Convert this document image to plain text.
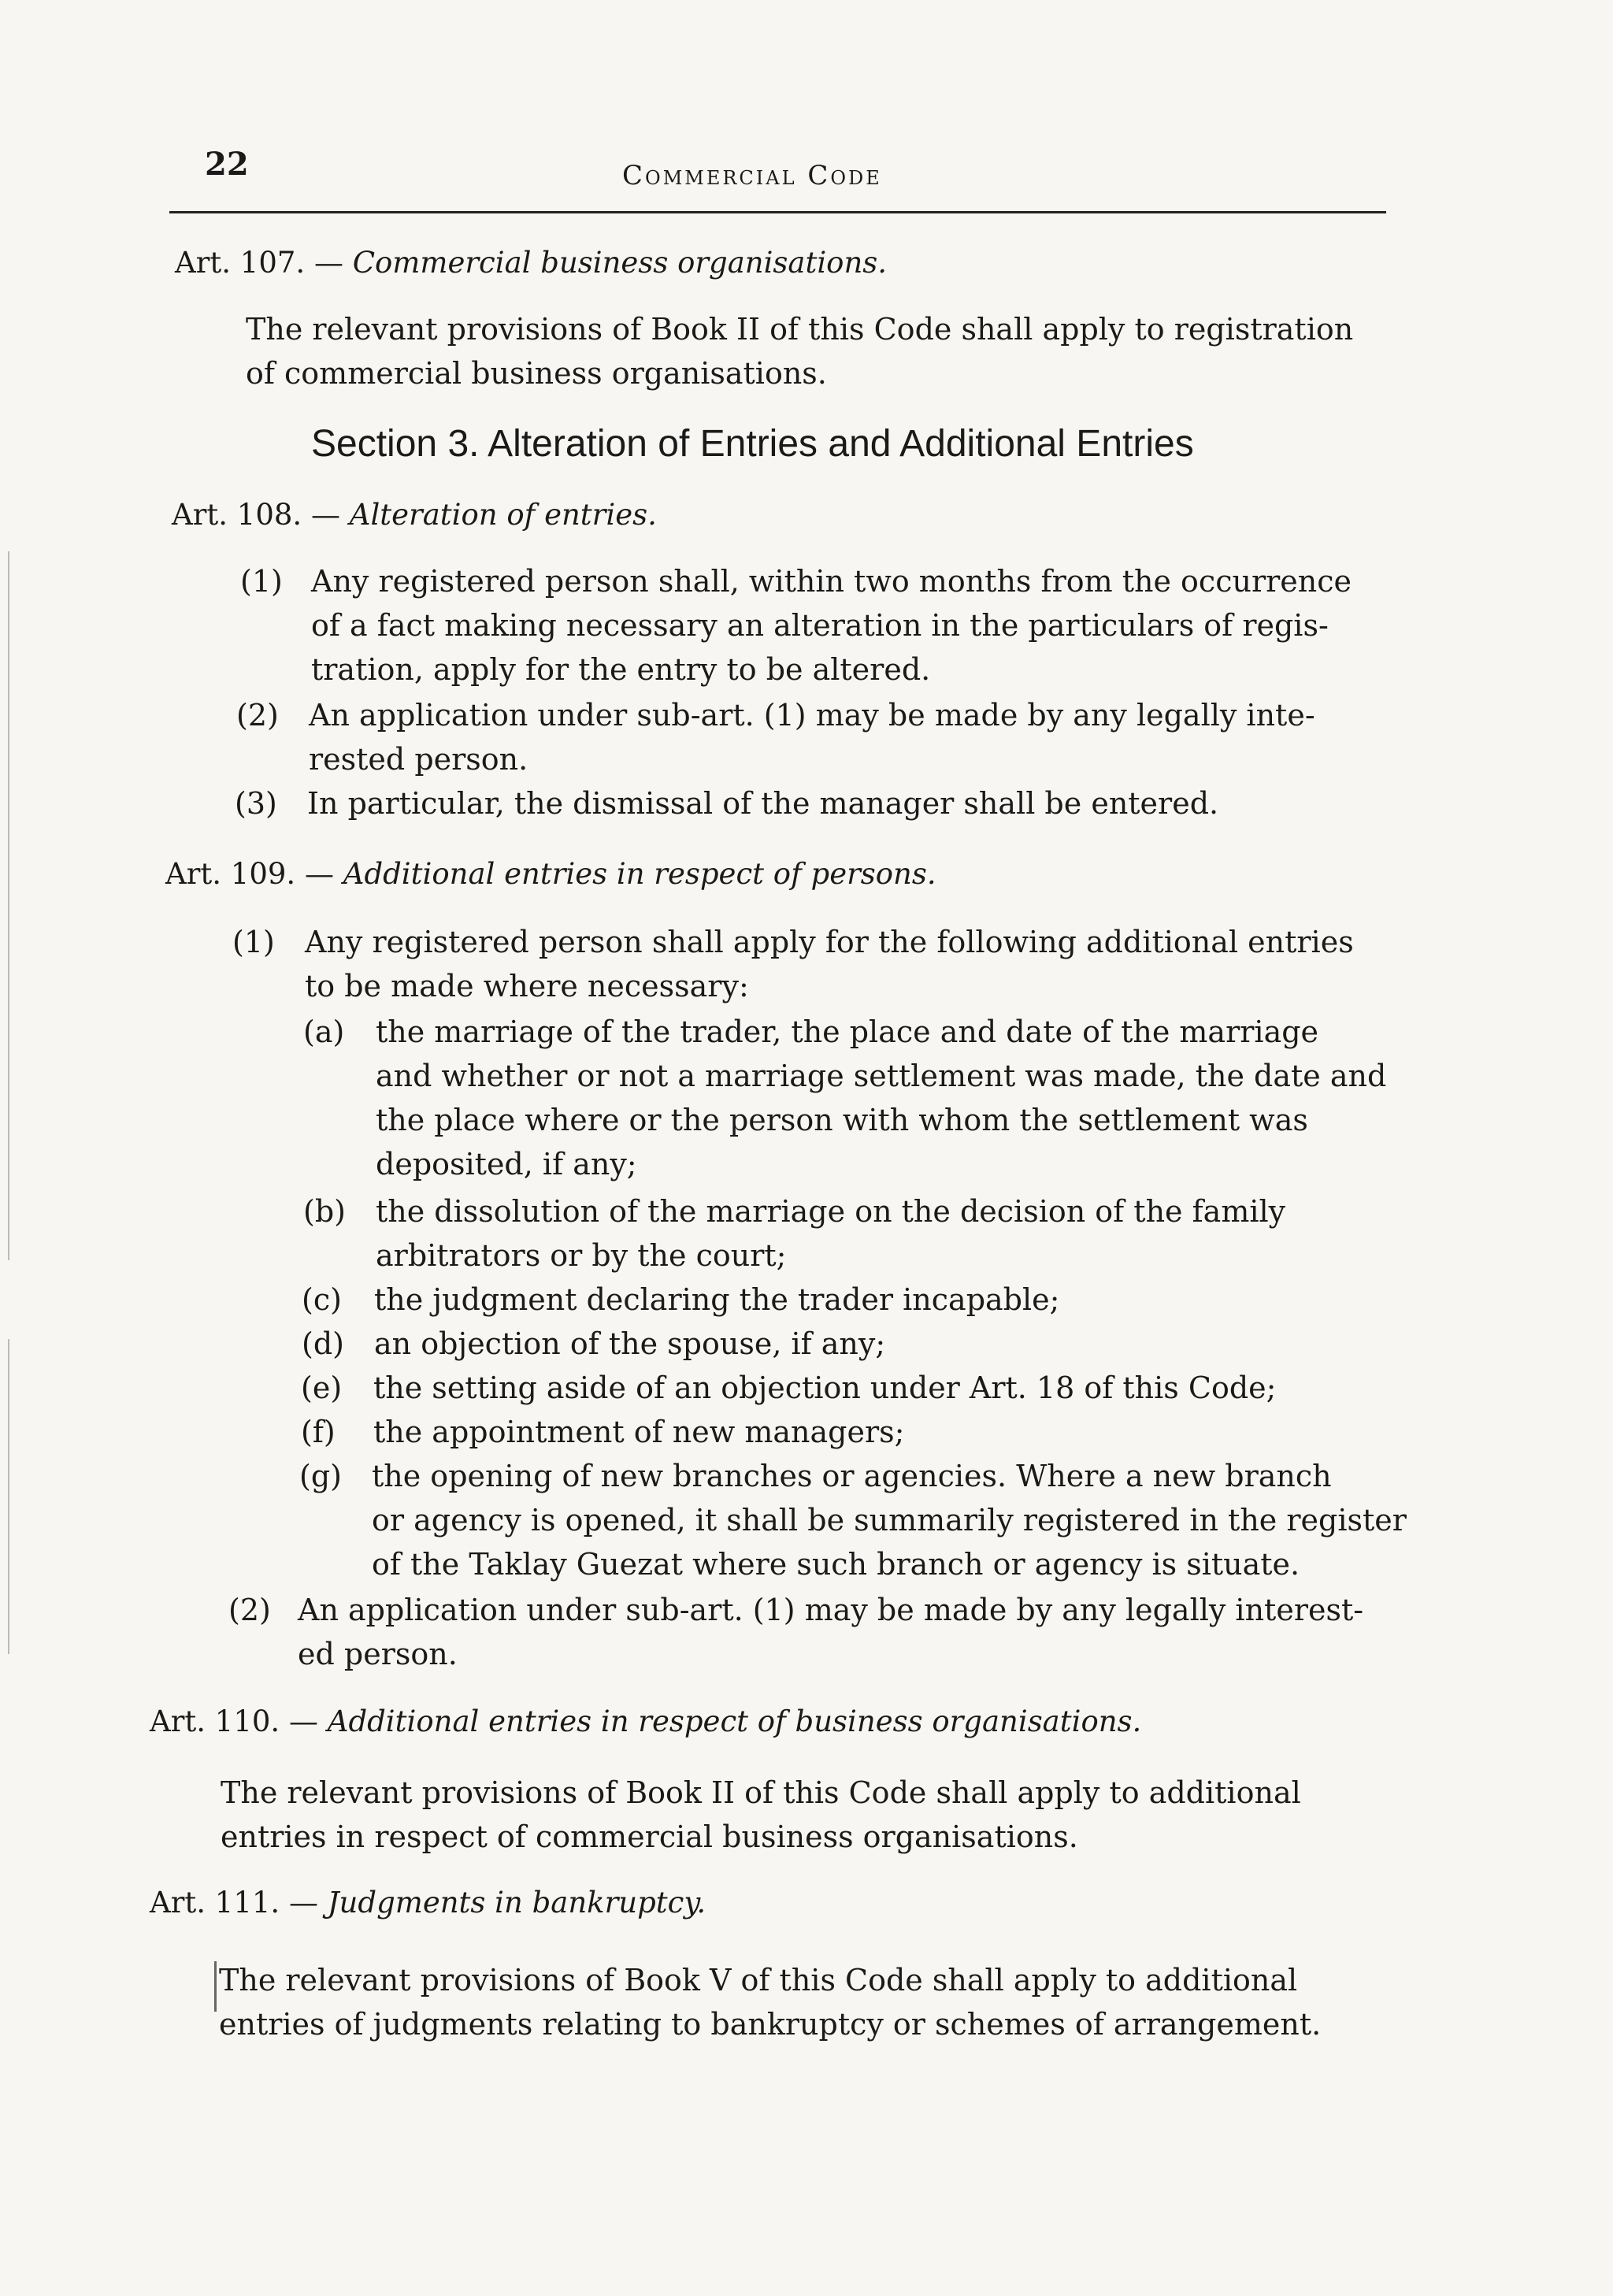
22	Commercial Code
Art. 107. — Commercial business organisations.
The relevant provisions of Book II of this Code shall apply to registration
of commercial business organisations.
Section 3. Alteration of Entries and Additional Entries
Art. 108. — Alteration of entries.
(1) Any registered person shall, within two months from the occurrence
of a fact making necessary an alteration in the particulars of regis-
tration, apply for the entry to be altered.
(2) An application under sub-art. (1) may be made by any legally inte-
rested person.
(3) In particular, the dismissal of the manager shall be entered.
Art. 109. — Additional entries in respect of persons.
(1) Any registered person shall apply for the following additional entries
to be made where necessary:
(a) the marriage of the trader, the place and date of the marriage
and whether or not a marriage settlement was made, the date and
the place where or the person with whom the settlement was
deposited, if any;
(b) the dissolution of the marriage on the decision of the family
arbitrators or by the court;
(c) the judgment declaring the trader incapable;
(d) an objection of the spouse, if any;
(e) the setting aside of an objection under Art. 18 of this Code;
(f) the appointment of new managers;
(g) the opening of new branches or agencies. Where a new branch
or agency is opened, it shall be summarily registered in the register
of the Taklay Guezat where such branch or agency is situate.
(2) An application under sub-art. (1) may be made by any legally interest-
ed person.
Art. 110. — Additional entries in respect of business organisations.
The relevant provisions of Book II of this Code shall apply to additional
entries in respect of commercial business organisations.
Art. 111. — Judgments in bankruptcy.
The relevant provisions of Book V of this Code shall apply to additional
entries of judgments relating to bankruptcy or schemes of arrangement.
